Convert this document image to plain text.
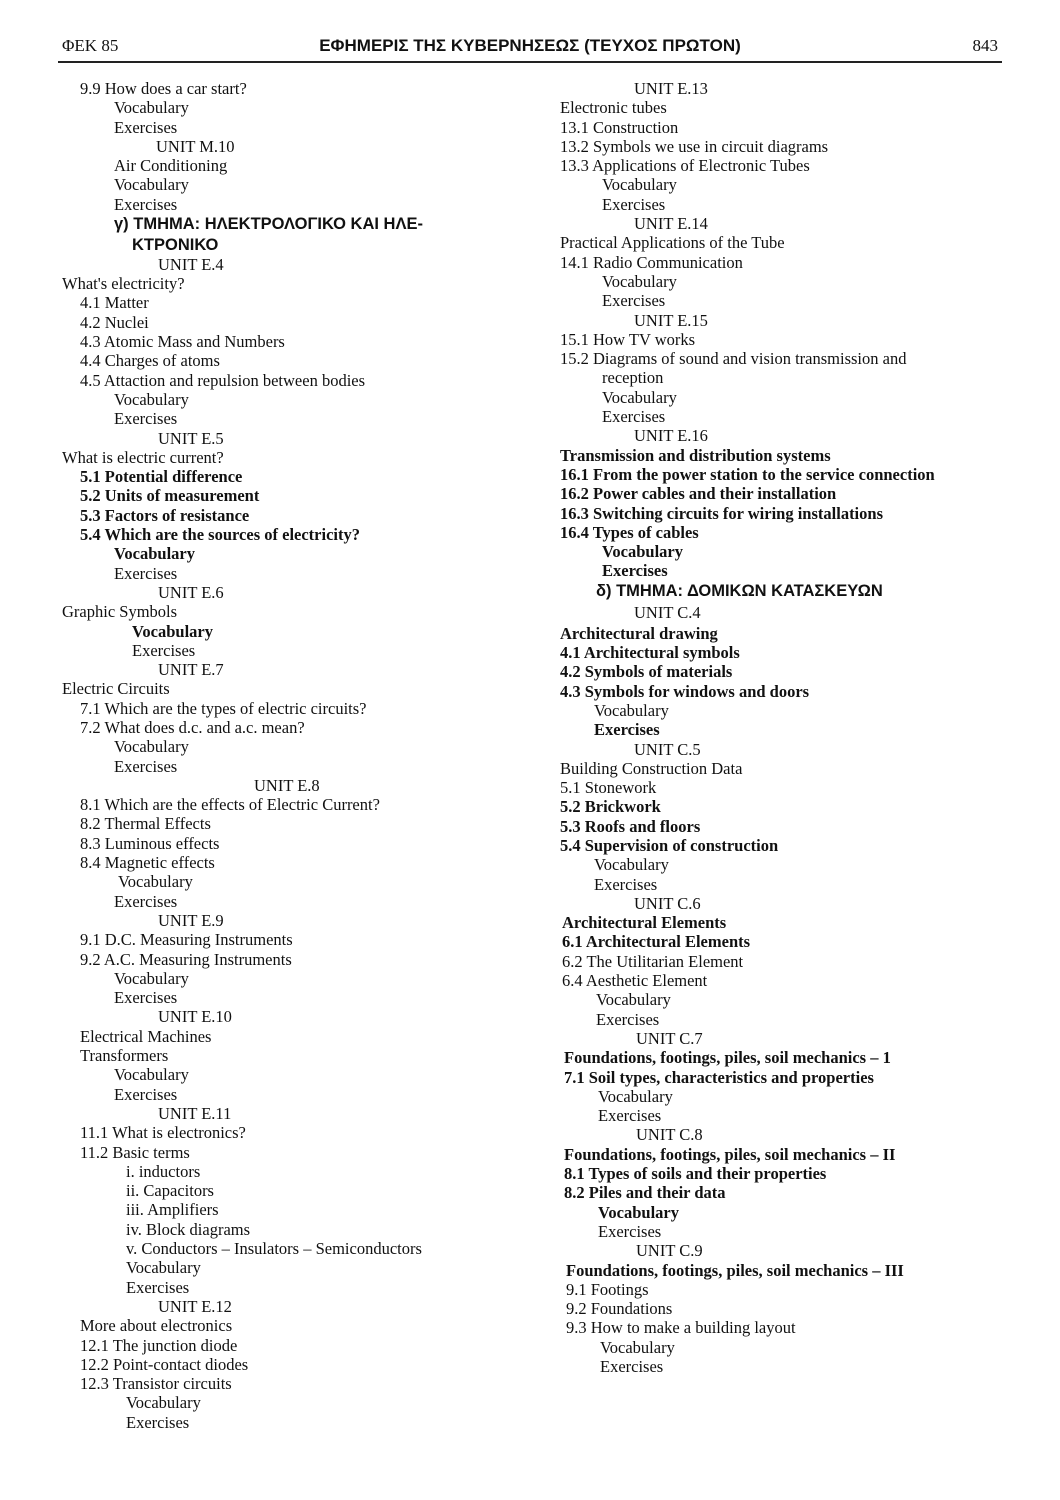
ΦΕΚ 85	ΕΦΗΜΕΡΙΣ ΤΗΣ ΚΥΒΕΡΝΗΣΕΩΣ (ΤΕΥΧΟΣ ΠΡΩΤΟΝ)	843
9.9 How does a car start?
Vocabulary
Exercises
UNIT M.10
Air Conditioning
Vocabulary
Exercises
γ) ΤΜΗΜΑ: ΗΛΕΚΤΡΟΛΟΓΙΚΟ ΚΑΙ ΗΛΕ-
ΚΤΡΟΝΙΚΟ
UNIT E.4
What's electricity?
4.1 Matter
4.2 Nuclei
4.3 Atomic Mass and Numbers
4.4 Charges of atoms
4.5 Attaction and repulsion between bodies
Vocabulary
Exercises
UNIT E.5
What is electric current?
5.1 Potential difference
5.2 Units of measurement
5.3 Factors of resistance
5.4 Which are the sources of electricity?
Vocabulary
Exercises
UNIT E.6
Graphic Symbols
Vocabulary
Exercises
UNIT E.7
Electric Circuits
7.1 Which are the types of electric circuits?
7.2 What does d.c. and a.c. mean?
Vocabulary
Exercises
UNIT E.8
8.1 Which are the effects of Electric Current?
8.2 Thermal Effects
8.3 Luminous effects
8.4 Magnetic effects
Vocabulary
Exercises
UNIT E.9
9.1 D.C. Measuring Instruments
9.2 A.C. Measuring Instruments
Vocabulary
Exercises
UNIT E.10
Electrical Machines
Transformers
Vocabulary
Exercises
UNIT E.11
11.1 What is electronics?
11.2 Basic terms
i. inductors
ii. Capacitors
iii. Amplifiers
iv. Block diagrams
v. Conductors – Insulators – Semiconductors
Vocabulary
Exercises
UNIT E.12
More about electronics
12.1 The junction diode
12.2 Point-contact diodes
12.3 Transistor circuits
Vocabulary
Exercises
UNIT E.13
Electronic tubes
13.1 Construction
13.2 Symbols we use in circuit diagrams
13.3 Applications of Electronic Tubes
Vocabulary
Exercises
UNIT E.14
Practical Applications of the Tube
14.1 Radio Communication
Vocabulary
Exercises
UNIT E.15
15.1 How TV works
15.2 Diagrams of sound and vision transmission and
reception
Vocabulary
Exercises
UNIT E.16
Transmission and distribution systems
16.1 From the power station to the service connection
16.2 Power cables and their installation
16.3 Switching circuits for wiring installations
16.4 Types of cables
Vocabulary
Exercises
δ) ΤΜΗΜΑ: ΔΟΜΙΚΩΝ ΚΑΤΑΣΚΕΥΩΝ
UNIT C.4
Architectural drawing
4.1 Architectural symbols
4.2 Symbols of materials
4.3 Symbols for windows and doors
Vocabulary
Exercises
UNIT C.5
Building Construction Data
5.1 Stonework
5.2 Brickwork
5.3 Roofs and floors
5.4 Supervision of construction
Vocabulary
Exercises
UNIT C.6
Architectural Elements
6.1 Architectural Elements
6.2 The Utilitarian Element
6.4 Aesthetic Element
Vocabulary
Exercises
UNIT C.7
Foundations, footings, piles, soil mechanics – 1
7.1 Soil types, characteristics and properties
Vocabulary
Exercises
UNIT C.8
Foundations, footings, piles, soil mechanics – II
8.1 Types of soils and their properties
8.2 Piles and their data
Vocabulary
Exercises
UNIT C.9
Foundations, footings, piles, soil mechanics – III
9.1 Footings
9.2 Foundations
9.3 How to make a building layout
Vocabulary
Exercises
